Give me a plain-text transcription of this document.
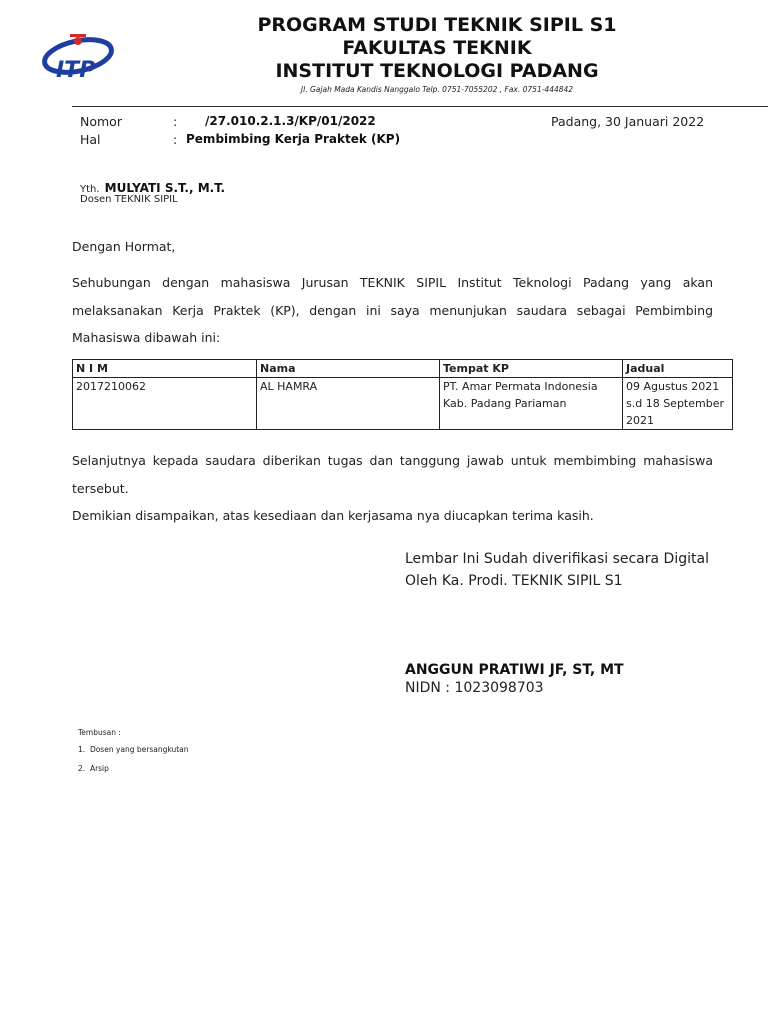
ITP
PROGRAM STUDI TEKNIK SIPIL S1
FAKULTAS TEKNIK
INSTITUT TEKNOLOGI PADANG
Jl. Gajah Mada Kandis Nanggalo Telp. 0751-7055202 , Fax. 0751-444842
Nomor	: /27.010.2.1.3/KP/01/2022	Padang, 30 Januari 2022
Hal	: Pembimbing Kerja Praktek (KP)
Yth. MULYATI S.T., M.T.
Dosen TEKNIK SIPIL
Dengan Hormat,
Sehubungan dengan mahasiswa Jurusan TEKNIK SIPIL Institut Teknologi Padang yang akan melaksanakan Kerja Praktek (KP), dengan ini saya menunjukan saudara sebagai Pembimbing Mahasiswa dibawah ini:
N I M	Nama	Tempat KP	Jadual
2017210062	AL HAMRA	PT. Amar Permata Indonesia Kab. Padang Pariaman	09 Agustus 2021 s.d 18 September 2021
Selanjutnya kepada saudara diberikan tugas dan tanggung jawab untuk membimbing mahasiswa tersebut.
Demikian disampaikan, atas kesediaan dan kerjasama nya diucapkan terima kasih.
Lembar Ini Sudah diverifikasi secara Digital
Oleh Ka. Prodi. TEKNIK SIPIL S1
ANGGUN PRATIWI JF, ST, MT
NIDN : 1023098703
Tembusan :
1. Dosen yang bersangkutan
2. Arsip
